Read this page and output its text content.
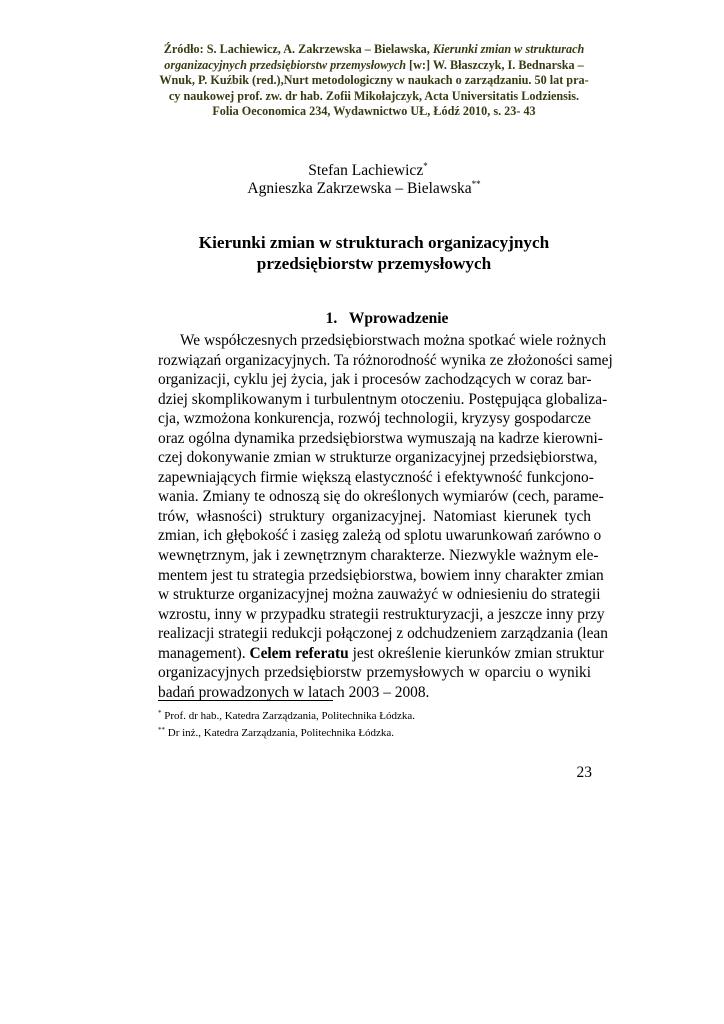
Źródło: S. Lachiewicz, A. Zakrzewska – Bielawska, Kierunki zmian w strukturach
organizacyjnych przedsiębiorstw przemysłowych [w:] W. Błaszczyk, I. Bednarska –
Wnuk, P. Kuźbik (red.),Nurt metodologiczny w naukach o zarządzaniu. 50 lat pra-
cy naukowej prof. zw. dr hab. Zofii Mikołajczyk, Acta Universitatis Lodziensis.
Folia Oeconomica 234, Wydawnictwo UŁ, Łódź 2010, s. 23- 43
Stefan Lachiewicz*
Agnieszka Zakrzewska – Bielawska**
Kierunki zmian w strukturach organizacyjnych
przedsiębiorstw przemysłowych
1. Wprowadzenie
We współczesnych przedsiębiorstwach można spotkać wiele rożnych
rozwiązań organizacyjnych. Ta różnorodność wynika ze złożoności samej
organizacji, cyklu jej życia, jak i procesów zachodzących w coraz bar-
dziej skomplikowanym i turbulentnym otoczeniu. Postępująca globaliza-
cja, wzmożona konkurencja, rozwój technologii, kryzysy gospodarcze
oraz ogólna dynamika przedsiębiorstwa wymuszają na kadrze kierowni-
czej dokonywanie zmian w strukturze organizacyjnej przedsiębiorstwa,
zapewniających firmie większą elastyczność i efektywność funkcjono-
wania. Zmiany te odnoszą się do określonych wymiarów (cech, parame-
trów, własności) struktury organizacyjnej. Natomiast kierunek tych
zmian, ich głębokość i zasięg zależą od splotu uwarunkowań zarówno o
wewnętrznym, jak i zewnętrznym charakterze. Niezwykle ważnym ele-
mentem jest tu strategia przedsiębiorstwa, bowiem inny charakter zmian
w strukturze organizacyjnej można zauważyć w odniesieniu do strategii
wzrostu, inny w przypadku strategii restrukturyzacji, a jeszcze inny przy
realizacji strategii redukcji połączonej z odchudzeniem zarządzania (lean
management). Celem referatu jest określenie kierunków zmian struktur
organizacyjnych przedsiębiorstw przemysłowych w oparciu o wyniki
badań prowadzonych w latach 2003 – 2008.
* Prof. dr hab., Katedra Zarządzania, Politechnika Łódzka.
** Dr inż., Katedra Zarządzania, Politechnika Łódzka.
23
